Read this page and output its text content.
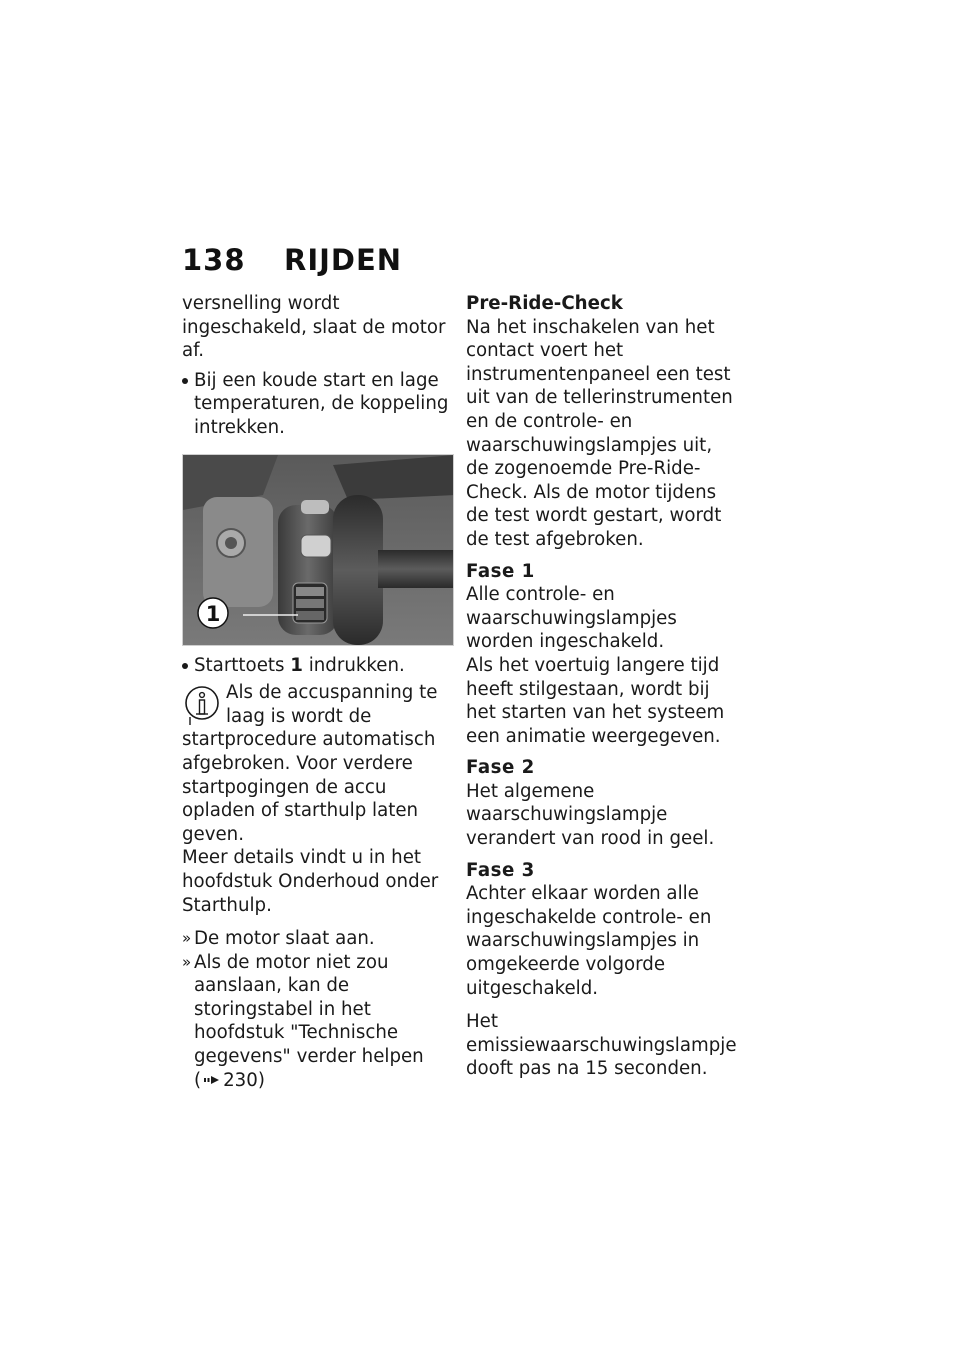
138 RIJDEN

versnelling wordt ingeschakeld, slaat de motor af.

Bij een koude start en lage temperaturen, de koppeling intrekken.

1

Starttoets 1 indrukken.

Als de accuspanning te laag is wordt de startprocedure automatisch afgebroken. Voor verdere startpogingen de accu opladen of starthulp laten geven.

Meer details vindt u in het hoofdstuk Onderhoud onder Starthulp.

» De motor slaat aan.

» Als de motor niet zou aanslaan, kan de storingstabel in het hoofdstuk "Technische gegevens" verder helpen
( 230)

Pre-Ride-Check

Na het inschakelen van het contact voert het instrumentenpaneel een test uit van de tellerinstrumenten en de controle- en waarschuwingslampjes uit, de zogenoemde Pre-Ride-Check. Als de motor tijdens de test wordt gestart, wordt de test afgebroken.

Fase 1

Alle controle- en waarschuwingslampjes worden ingeschakeld.

Als het voertuig langere tijd heeft stilgestaan, wordt bij het starten van het systeem een animatie weergegeven.

Fase 2

Het algemene waarschuwingslampje verandert van rood in geel.

Fase 3

Achter elkaar worden alle ingeschakelde controle- en waarschuwingslampjes in omgekeerde volgorde uitgeschakeld.

Het emissiewaarschuwingslampje dooft pas na 15 seconden.
